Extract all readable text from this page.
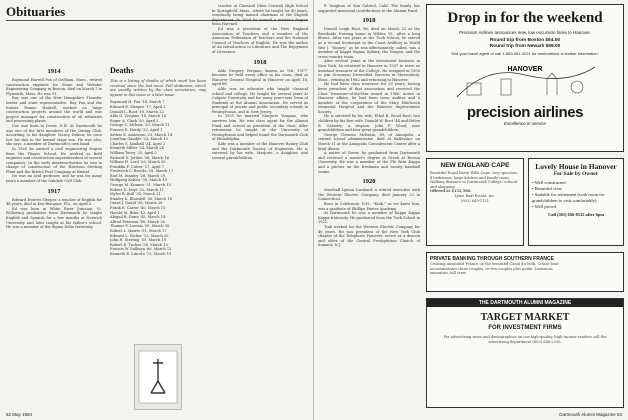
Obituaries
1914

Raymond Harrell Fox of Dedham, Mass., retired construction engineer for Stone and Webster Engineering Company in Boston, died on March 7 in Plymouth, Mass. He was 91.

Ray was one of the New Hampshire Transfer leader and state representative. Ray Fox and the former Fannie Haskell, worked on large construction projects around the world and was project manager for construction of oil refineries and processing plants.

Gov was born in Dover, N.H. At Dartmouth he was one of the first members of the Outing Club. According to his daughter, Nancy Dubow, he once lost his skis in the kennel stage run. He was also, she says, a member of Dartmouth's own band.

In 1920 he earned a civil engineering degree from the Thayer School. He worked as field engineer and construction superintendent of several companies. In the early nineteen-thirties he was in charge of construction of the Harrison Sterling Plant and the Bristol Fuel Company at Bristol.

He was an avid gardener, and he was for many years a member of the Oakdale Golf Club.

1917

Edward Everett Sleeper, a teacher of English for 48 years, died in Key Biscayne, Fla., on April 2.

Ed was born in White River Junction, Vt. Following graduation from Dartmouth he taught English and Spanish for a few months at Norwich University and later taught at his father's school. He was a member of the Sigma Delta fraternity.

Deaths
This is a listing of deaths of which word has been received since the last issue. Full obituaries, which are usually written by the class secretaries, may appear in this issue or a later issue.
Raymond H. Fox '14, March 7
Edward E. Sleeper '17, April 2
Donald L. Root '18, March 22
Aldo G. Vergano '18, March 18
Roger A. Clark '20, April 2
George C. Mcbain '20, March 11
Francis E. Hardy '22, April 1
Arthur E. Anderson '23, March 14
Jonathan Gamble '23, March 12
Charles S. Kimball '24, April 2
Kenneth Miller '24, March 24
William Tavey '25, April 2
Richard D. Jordan '26, March 16
William H. Lord '26, March 30
Franklin F. Cutter '27, April 7
Frederick C. Brooks '28, March 17
Earl M. Stanley '28, March 29
Wolfgang Kohler '30, March 19
George M. Kramer '31, March 13
Robert D. Hoyt '32, March 11
Myles B. Bull '34, March 21
Stanley K. Blaisdell '36, March 18
David J. Gould '38, March 28
Frank E. Carter '40, March 15
Harold M. Bliss '43, April 1
Abigail B. Dunn '45, March 14
Alfred Peterson '48, March 26
Thomas F. Loomis '50, March 30
Robert L. Harris '51, March 17
Edward L. Ricker '53, March 20
John H. Sterling '55, March 19
Robert E. Tucker '58, March 13
Francis W. Sullivan '66, March 12
Kenneth E. Lincoln '73, March 19

teacher at Classical (then Central) High School in Springfield, Mass., where he taught for 40 years, eventually being named chairman of the English department. In 1929 he earned a master's degree from Harvard.

Ed was a president of the New England Association of Teachers and a member of the American Federation of Teachers and the National Council of Teachers of English. He was the author of An Introduction to Literature and The Enjoyment of Literature.

1918

Aldo Gregory Vergano, known as "Mr. 1917" because he held every office in his class, died at Hanover General Hospital in Hanover on April 18, aged 88.

Aldo was an educator who taught classical school and college. He taught for several years at Colgate University and for many years was Dean of Students at the Alumni Association. He served as principal of private and public secondary schools in Pennsylvania, and in New Jersey.

In 1931 he married Marjorie Vergano, who survives him. He was class agent for the Alumni Fund and served as president of the class. After retirement he taught at the University of Pennsylvania and helped found the Dartmouth Club of Philadelphia.

Aldo was a member of the Hanover Rotary Club and the Dartmouth Society of Engineers. He is survived by his wife, Marjorie, a daughter, and several grandchildren.

62 May 1984

P. Vaughan of San Gabriel, Calif. The family has suggested memorial contributions to the Alumni Fund.

1918

Donald Leigh Root, 86, died on March 22 at the Brookside Nursing home in Wilder, Vt., after a long illness. After two years at the Tuck School, he served as a second lieutenant in the Coast Artillery in World War I. "Stoney," as he was affectionately called, was a member of Kappa Sigma, Sphinx, the Dragon, and the cross-country team.

After several years in the investment business in New York, he returned to Hanover in 1937 to serve as assistant treasurer of the College. He resigned in 1955 to join Grossman Diversified Services in Shrewsbury, Mass., retiring in 1962 and returning to Hanover.

He had been class treasurer for 20 years, having been president of that association and received the Class Treasurer-of-the-Year award in 1966. Active in Hanover affairs, he had been town auditor and a member of the corporation of the Mary Hitchcock Memorial Hospital and the Hanover Improvement Society.

He is survived by his wife, Ethel B. Wood Root; two children by his first wife, Donald W. Root '44 and Helen B. Gaboury; a stepson, John F. Wood; nine grandchildren and four great-grandchildren.

George Clement McBrain, 89, of Annapolis, a retired school administrator, died at Ballentine on March 11 at the Annapolis Convalescent Center after a brief illness.

A native of Dover, he graduated from Dartmouth and received a master's degree in Greek at Boston University. He was a member of the Phi Beta Kappa and a pitcher on the freshman and varsity baseball teams.

1920

Marshall Lyman Lombard, a retired executive with the Western Electric Company, died January 23 in Connecticut.

Born in Colebrook, N.H., "Kink," as we knew him, was a graduate of Phillips Exeter Academy.

At Dartmouth he was a member of Kappa Kappa Kappa fraternity. He graduated from the Tuck School in 1921.

Tink worked for the Western Electric Company for 40 years. He was president of the New York Club chapter of the Telephone Pioneers, active as a deacon and elder of the Central Presbyterian Church of Summit, N.J.

Drop in for the weekend
Precision Airlines announces new, low excursion fares to Hanover.
Round trip from Boston $64.00
Round trip from Newark $99.00
See your travel agent or call 1-800-451-4221 for reservations or further information.
HANOVER
precision airlines
Excellence in service
NEW ENGLAND CAPE
Beautiful Royal Barry Wills Cape, very spacious, 4 bedrooms, large kitchen and family room. Walking distance to Dartmouth College, schools and shopping.
Offered at $152,500.
Lyme Real Estate, Inc.
(802) 649-1131
Lovely House in Hanover
For Sale by Owner
• Well constructed
• Beautiful view
• Suitable for retirement (with room for grandchildren to visit comfortably)
• Well priced
Call (301) 656-8132 after 6pm
PRIVATE BANKING THROUGH SOUTHERN FRANCE
Cruising unspoiled France on the beautiful Canal du Midi. Cruise boat accommodates three couples, or two couples plus guide. Luxurious amenities, full crew.
THE DARTMOUTH ALUMNI MAGAZINE
TARGET MARKET
FOR INVESTMENT FIRMS
For advertising rates and demographics on our high-quality, high-income readers call the advertising department (603) 646-2256.
Dartmouth Alumni Magazine 63
